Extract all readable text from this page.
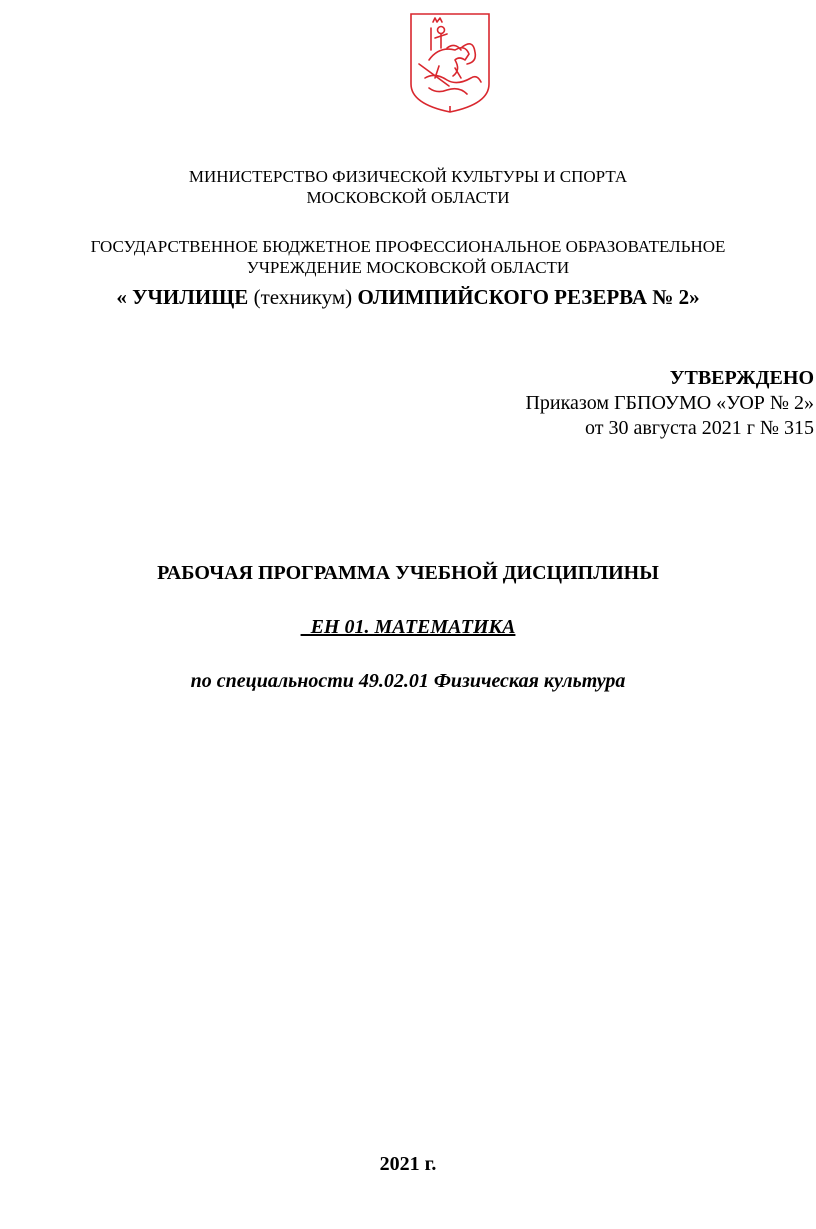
МИНИСТЕРСТВО ФИЗИЧЕСКОЙ КУЛЬТУРЫ И СПОРТА
МОСКОВСКОЙ ОБЛАСТИ
ГОСУДАРСТВЕННОЕ БЮДЖЕТНОЕ ПРОФЕССИОНАЛЬНОЕ ОБРАЗОВАТЕЛЬНОЕ
УЧРЕЖДЕНИЕ МОСКОВСКОЙ ОБЛАСТИ
« УЧИЛИЩЕ (техникум) ОЛИМПИЙСКОГО РЕЗЕРВА № 2»
УТВЕРЖДЕНО
Приказом ГБПОУМО «УОР № 2»
от 30 августа 2021 г № 315
РАБОЧАЯ ПРОГРАММА УЧЕБНОЙ ДИСЦИПЛИНЫ
ЕН 01. МАТЕМАТИКА
по специальности 49.02.01 Физическая культура
2021 г.
